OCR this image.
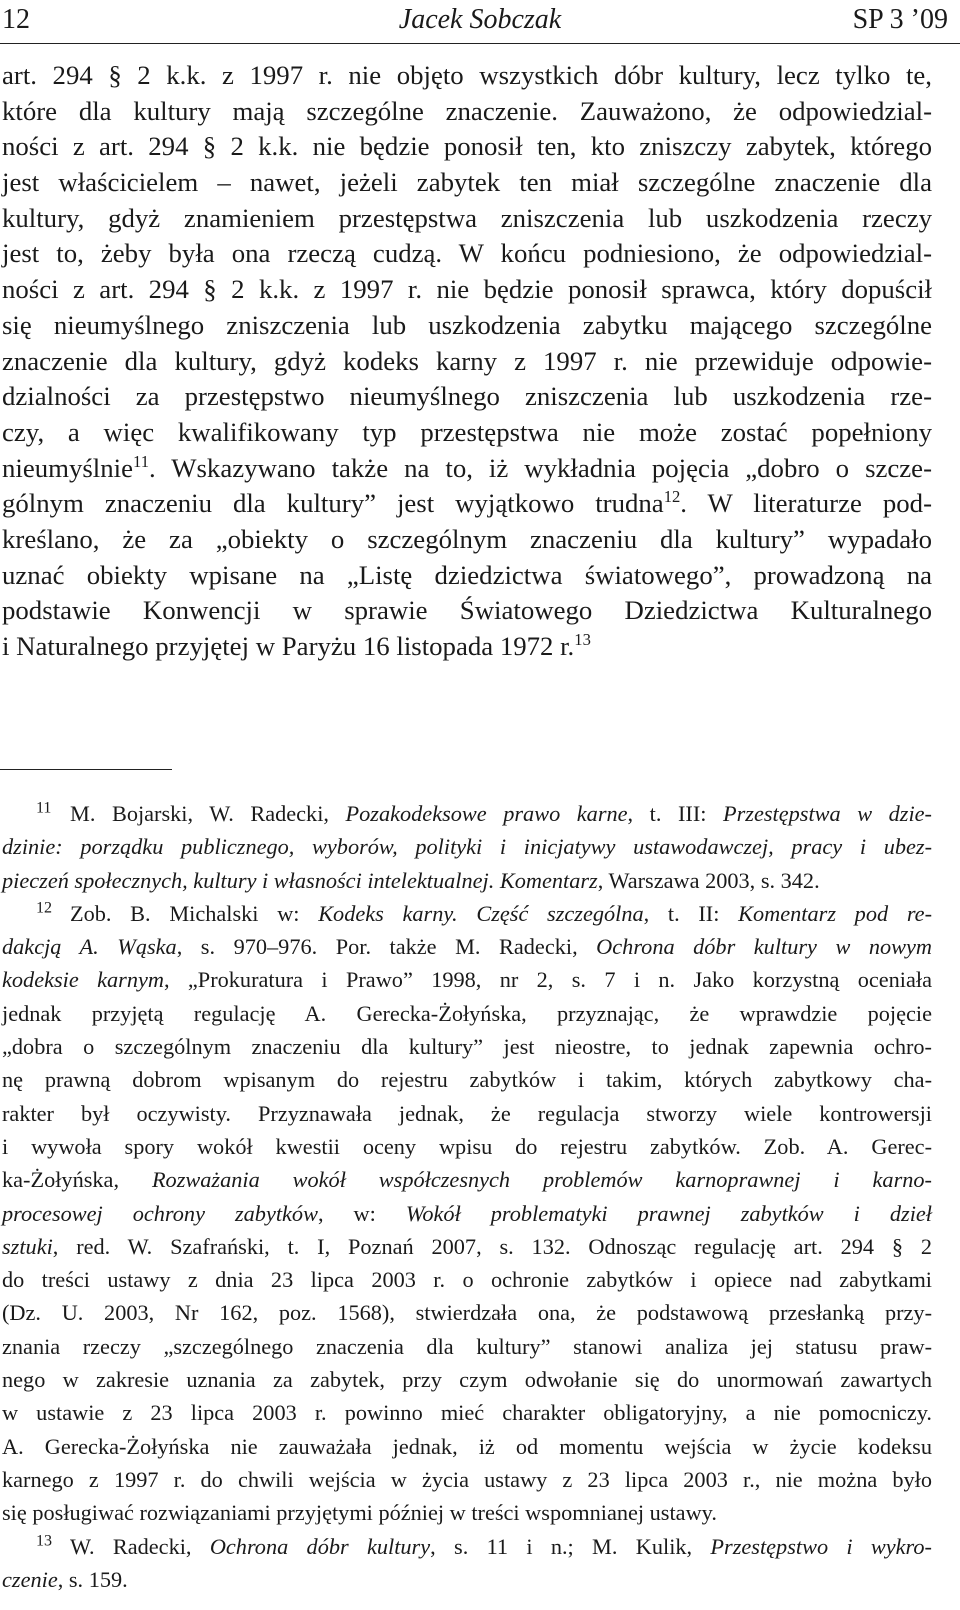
12	Jacek Sobczak	SP 3 ’09
art. 294 § 2 k.k. z 1997 r. nie objęto wszystkich dóbr kultury, lecz tylko te,
które dla kultury mają szczególne znaczenie. Zauważono, że odpowiedzial-
ności z art. 294 § 2 k.k. nie będzie ponosił ten, kto zniszczy zabytek, którego
jest właścicielem – nawet, jeżeli zabytek ten miał szczególne znaczenie dla
kultury, gdyż znamieniem przestępstwa zniszczenia lub uszkodzenia rzeczy
jest to, żeby była ona rzeczą cudzą. W końcu podniesiono, że odpowiedzial-
ności z art. 294 § 2 k.k. z 1997 r. nie będzie ponosił sprawca, który dopuścił
się nieumyślnego zniszczenia lub uszkodzenia zabytku mającego szczególne
znaczenie dla kultury, gdyż kodeks karny z 1997 r. nie przewiduje odpowie-
dzialności za przestępstwo nieumyślnego zniszczenia lub uszkodzenia rze-
czy, a więc kwalifikowany typ przestępstwa nie może zostać popełniony
nieumyślnie$^{11}$. Wskazywano także na to, iż wykładnia pojęcia „dobro o szcze-
gólnym znaczeniu dla kultury” jest wyjątkowo trudna$^{12}$. W literaturze pod-
kreślano, że za „obiekty o szczególnym znaczeniu dla kultury” wypadało
uznać obiekty wpisane na „Listę dziedzictwa światowego”, prowadzoną na
podstawie Konwencji w sprawie Światowego Dziedzictwa Kulturalnego
i Naturalnego przyjętej w Paryżu 16 listopada 1972 r.$^{13}$
$^{11}$ M. Bojarski, W. Radecki, Pozakodeksowe prawo karne, t. III: Przestępstwa w dzie-
dzinie: porządku publicznego, wyborów, polityki i inicjatywy ustawodawczej, pracy i ubez-
pieczeń społecznych, kultury i własności intelektualnej. Komentarz, Warszawa 2003, s. 342.
$^{12}$ Zob. B. Michalski w: Kodeks karny. Część szczególna, t. II: Komentarz pod re-
dakcją A. Wąska, s. 970–976. Por. także M. Radecki, Ochrona dóbr kultury w nowym
kodeksie karnym, „Prokuratura i Prawo” 1998, nr 2, s. 7 i n. Jako korzystną oceniała
jednak przyjętą regulację A. Gerecka-Żołyńska, przyznając, że wprawdzie pojęcie
„dobra o szczególnym znaczeniu dla kultury” jest nieostre, to jednak zapewnia ochro-
nę prawną dobrom wpisanym do rejestru zabytków i takim, których zabytkowy cha-
rakter był oczywisty. Przyznawała jednak, że regulacja stworzy wiele kontrowersji
i wywoła spory wokół kwestii oceny wpisu do rejestru zabytków. Zob. A. Gerec-
ka-Żołyńska, Rozważania wokół współczesnych problemów karnoprawnej i karno-
procesowej ochrony zabytków, w: Wokół problematyki prawnej zabytków i dzieł
sztuki, red. W. Szafrański, t. I, Poznań 2007, s. 132. Odnosząc regulację art. 294 § 2
do treści ustawy z dnia 23 lipca 2003 r. o ochronie zabytków i opiece nad zabytkami
(Dz. U. 2003, Nr 162, poz. 1568), stwierdzała ona, że podstawową przesłanką przy-
znania rzeczy „szczególnego znaczenia dla kultury” stanowi analiza jej statusu praw-
nego w zakresie uznania za zabytek, przy czym odwołanie się do unormowań zawartych
w ustawie z 23 lipca 2003 r. powinno mieć charakter obligatoryjny, a nie pomocniczy.
A. Gerecka-Żołyńska nie zauważała jednak, iż od momentu wejścia w życie kodeksu
karnego z 1997 r. do chwili wejścia w życia ustawy z 23 lipca 2003 r., nie można było
się posługiwać rozwiązaniami przyjętymi później w treści wspomnianej ustawy.
$^{13}$ W. Radecki, Ochrona dóbr kultury, s. 11 i n.; M. Kulik, Przestępstwo i wykro-
czenie, s. 159.
